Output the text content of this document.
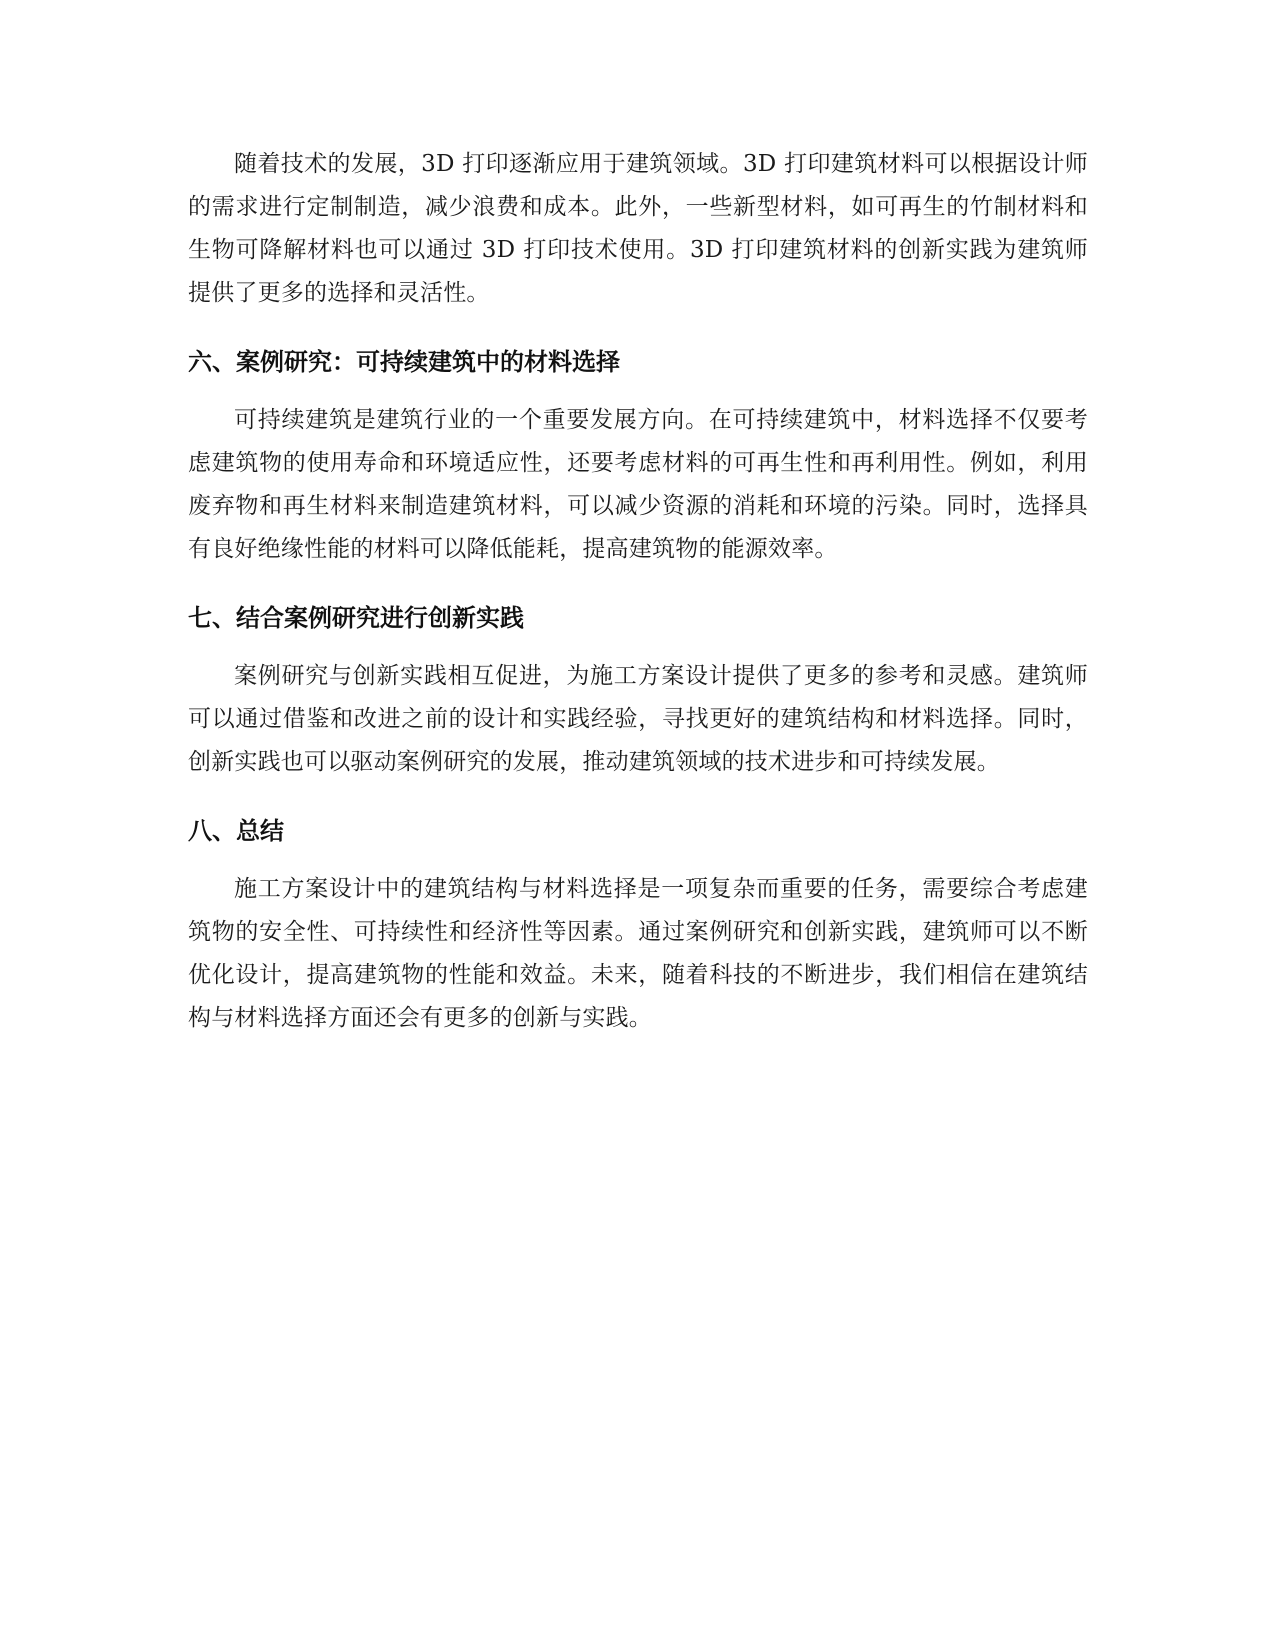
随着技术的发展，3D 打印逐渐应用于建筑领域。3D 打印建筑材料可以根据设计师的需求进行定制制造，减少浪费和成本。此外，一些新型材料，如可再生的竹制材料和生物可降解材料也可以通过 3D 打印技术使用。3D 打印建筑材料的创新实践为建筑师提供了更多的选择和灵活性。

六、案例研究：可持续建筑中的材料选择

可持续建筑是建筑行业的一个重要发展方向。在可持续建筑中，材料选择不仅要考虑建筑物的使用寿命和环境适应性，还要考虑材料的可再生性和再利用性。例如，利用废弃物和再生材料来制造建筑材料，可以减少资源的消耗和环境的污染。同时，选择具有良好绝缘性能的材料可以降低能耗，提高建筑物的能源效率。

七、结合案例研究进行创新实践

案例研究与创新实践相互促进，为施工方案设计提供了更多的参考和灵感。建筑师可以通过借鉴和改进之前的设计和实践经验，寻找更好的建筑结构和材料选择。同时，创新实践也可以驱动案例研究的发展，推动建筑领域的技术进步和可持续发展。

八、总结

施工方案设计中的建筑结构与材料选择是一项复杂而重要的任务，需要综合考虑建筑物的安全性、可持续性和经济性等因素。通过案例研究和创新实践，建筑师可以不断优化设计，提高建筑物的性能和效益。未来，随着科技的不断进步，我们相信在建筑结构与材料选择方面还会有更多的创新与实践。
